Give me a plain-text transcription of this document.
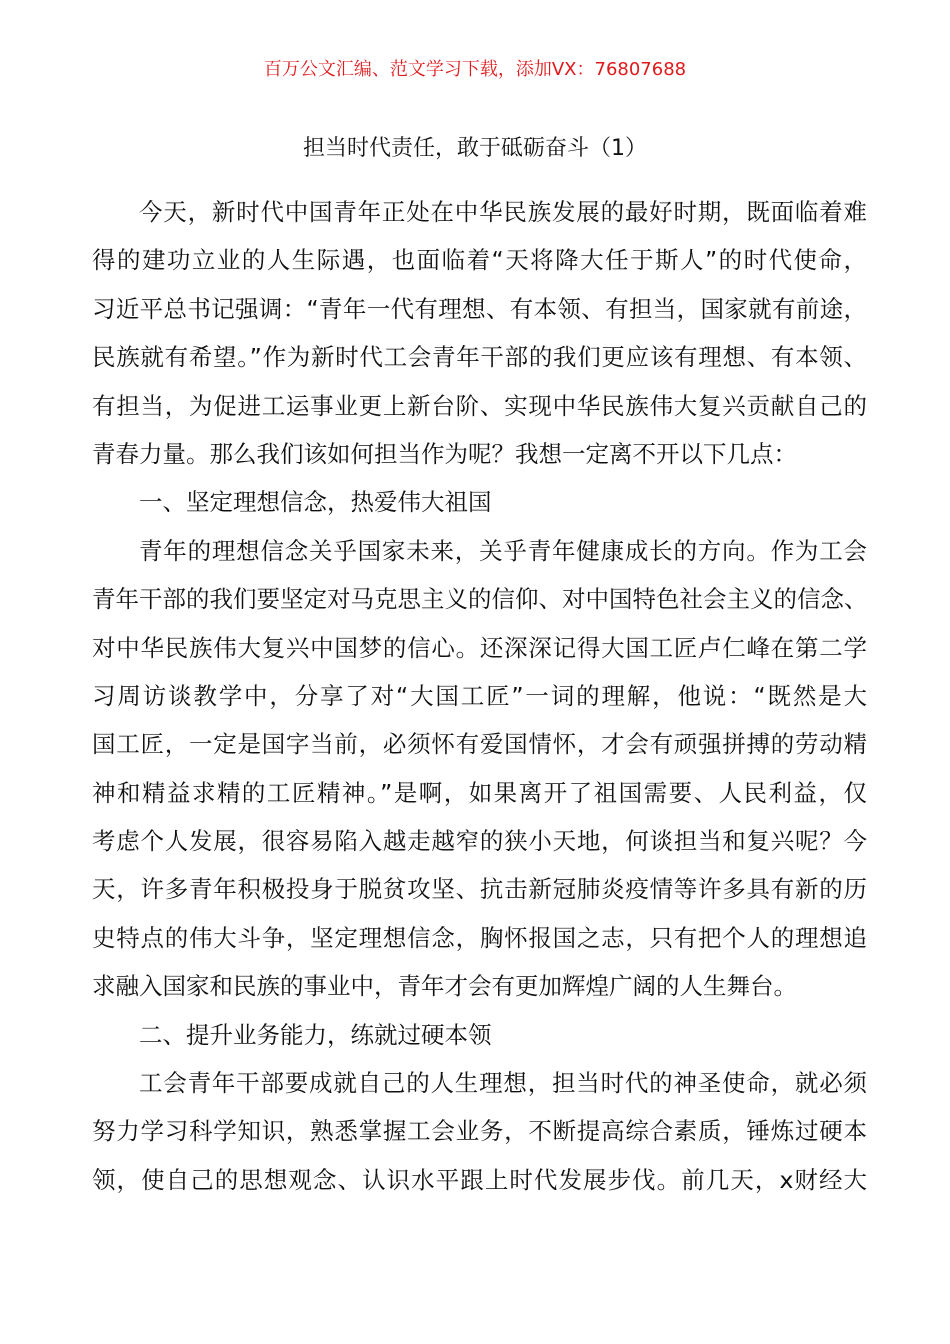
百万公文汇编、范文学习下载，添加VX：76807688
担当时代责任，敢于砥砺奋斗（1）
今天，新时代中国青年正处在中华民族发展的最好时期，既面临着难
得的建功立业的人生际遇，也面临着“天将降大任于斯人”的时代使命，
习近平总书记强调：“青年一代有理想、有本领、有担当，国家就有前途，
民族就有希望。”作为新时代工会青年干部的我们更应该有理想、有本领、
有担当，为促进工运事业更上新台阶、实现中华民族伟大复兴贡献自己的
青春力量。那么我们该如何担当作为呢？我想一定离不开以下几点：
一、坚定理想信念，热爱伟大祖国
青年的理想信念关乎国家未来，关乎青年健康成长的方向。作为工会
青年干部的我们要坚定对马克思主义的信仰、对中国特色社会主义的信念、
对中华民族伟大复兴中国梦的信心。还深深记得大国工匠卢仁峰在第二学
习周访谈教学中，分享了对“大国工匠”一词的理解，他说：“既然是大
国工匠，一定是国字当前，必须怀有爱国情怀，才会有顽强拼搏的劳动精
神和精益求精的工匠精神。”是啊，如果离开了祖国需要、人民利益，仅
考虑个人发展，很容易陷入越走越窄的狭小天地，何谈担当和复兴呢？今
天，许多青年积极投身于脱贫攻坚、抗击新冠肺炎疫情等许多具有新的历
史特点的伟大斗争，坚定理想信念，胸怀报国之志，只有把个人的理想追
求融入国家和民族的事业中，青年才会有更加辉煌广阔的人生舞台。
二、提升业务能力，练就过硬本领
工会青年干部要成就自己的人生理想，担当时代的神圣使命，就必须
努力学习科学知识，熟悉掌握工会业务，不断提高综合素质，锤炼过硬本
领，使自己的思想观念、认识水平跟上时代发展步伐。前几天，x财经大
